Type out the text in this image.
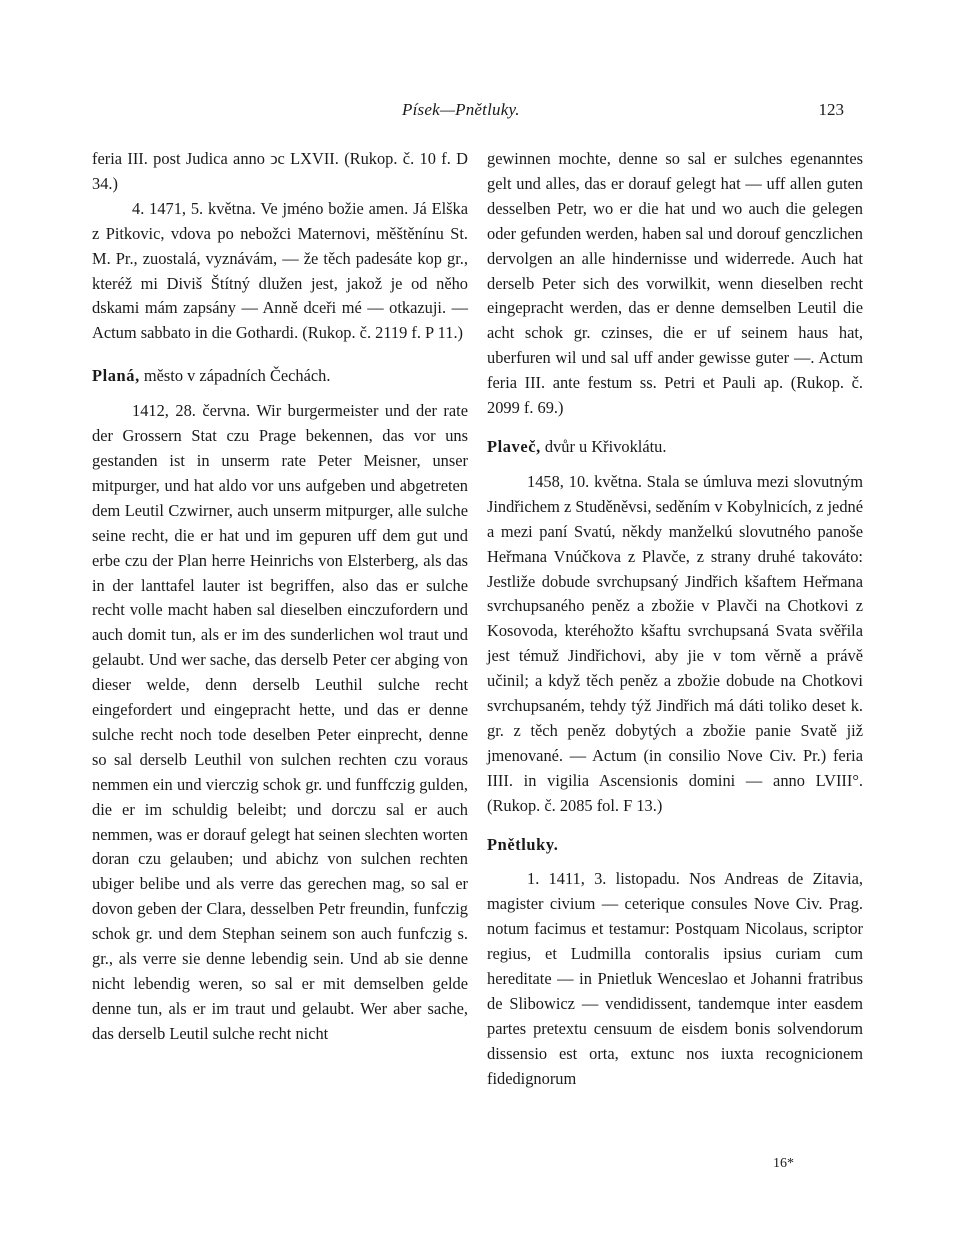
Písek—Pnětluky.	123

feria III. post Judica anno ͻc LXVII. (Rukop. č. 10 f. D 34.)

4. 1471, 5. května. Ve jméno božie amen. Já Elška z Pitkovic, vdova po nebožci Maternovi, měštěnínu St. M. Pr., zuostalá, vyznávám, — že těch padesáte kop gr., kteréž mi Diviš Štítný dlužen jest, jakož je od něho dskami mám zapsány — Anně dceři mé — otkazuji. — Actum sabbato in die Gothardi. (Rukop. č. 2119 f. P 11.)

Planá, město v západních Čechách.

1412, 28. června. Wir burgermeister und der rate der Grossern Stat czu Prage bekennen, das vor uns gestanden ist in unserm rate Peter Meisner, unser mitpurger, und hat aldo vor uns aufgeben und abgetreten dem Leutil Czwirner, auch unserm mitpurger, alle sulche seine recht, die er hat und im gepuren uff dem gut und erbe czu der Plan herre Heinrichs von Elsterberg, als das in der lanttafel lauter ist begriffen, also das er sulche recht volle macht haben sal dieselben einczufordern und auch domit tun, als er im des sunderlichen wol traut und gelaubt. Und wer sache, das derselb Peter cer abging von dieser welde, denn derselb Leuthil sulche recht eingefordert und eingepracht hette, und das er denne sulche recht noch tode deselben Peter einprecht, denne so sal derselb Leuthil von sulchen rechten czu voraus nemmen ein und vierczig schok gr. und funffczig gulden, die er im schuldig beleibt; und dorczu sal er auch nemmen, was er dorauf gelegt hat seinen slechten worten doran czu gelauben; und abichz von sulchen rechten ubiger belibe und als verre das gerechen mag, so sal er dovon geben der Clara, desselben Petr freundin, funfczig schok gr. und dem Stephan seinem son auch funfczig s. gr., als verre sie denne lebendig sein. Und ab sie denne nicht lebendig weren, so sal er mit demselben gelde denne tun, als er im traut und gelaubt. Wer aber sache, das derselb Leutil sulche recht nicht

gewinnen mochte, denne so sal er sulches egenanntes gelt und alles, das er dorauf gelegt hat — uff allen guten desselben Petr, wo er die hat und wo auch die gelegen oder gefunden werden, haben sal und dorouf genczlichen dervolgen an alle hindernisse und widerrede. Auch hat derselb Peter sich des vorwilkit, wenn dieselben recht eingepracht werden, das er denne demselben Leutil die acht schok gr. czinses, die er uf seinem haus hat, uberfuren wil und sal uff ander gewisse guter —. Actum feria III. ante festum ss. Petri et Pauli ap. (Rukop. č. 2099 f. 69.)

Plaveč, dvůr u Křivoklátu.

1458, 10. května. Stala se úmluva mezi slovutným Jindřichem z Studěněvsi, seděním v Kobylnicích, z jedné a mezi paní Svatú, někdy manželkú slovutného panoše Heřmana Vnúčkova z Plavče, z strany druhé takováto: Jestliže dobude svrchupsaný Jindřich kšaftem Heřmana svrchupsaného peněz a zbožie v Plavči na Chotkovi z Kosovoda, kteréhožto kšaftu svrchupsaná Svata svěřila jest témuž Jindřichovi, aby jie v tom věrně a právě učinil; a když těch peněz a zbožie dobude na Chotkovi svrchupsaném, tehdy týž Jindřich má dáti toliko deset k. gr. z těch peněz dobytých a zbožie panie Svatě již jmenované. — Actum (in consilio Nove Civ. Pr.) feria IIII. in vigilia Ascensionis domini — anno LVIII°. (Rukop. č. 2085 fol. F 13.)

Pnětluky.

1. 1411, 3. listopadu. Nos Andreas de Zitavia, magister civium — ceterique consules Nove Civ. Prag. notum facimus et testamur: Postquam Nicolaus, scriptor regius, et Ludmilla contoralis ipsius curiam cum hereditate — in Pnietluk Wenceslao et Johanni fratribus de Slibowicz — vendidissent, tandemque inter easdem partes pretextu censuum de eisdem bonis solvendorum dissensio est orta, extunc nos iuxta recognicionem fidedignorum

16*
